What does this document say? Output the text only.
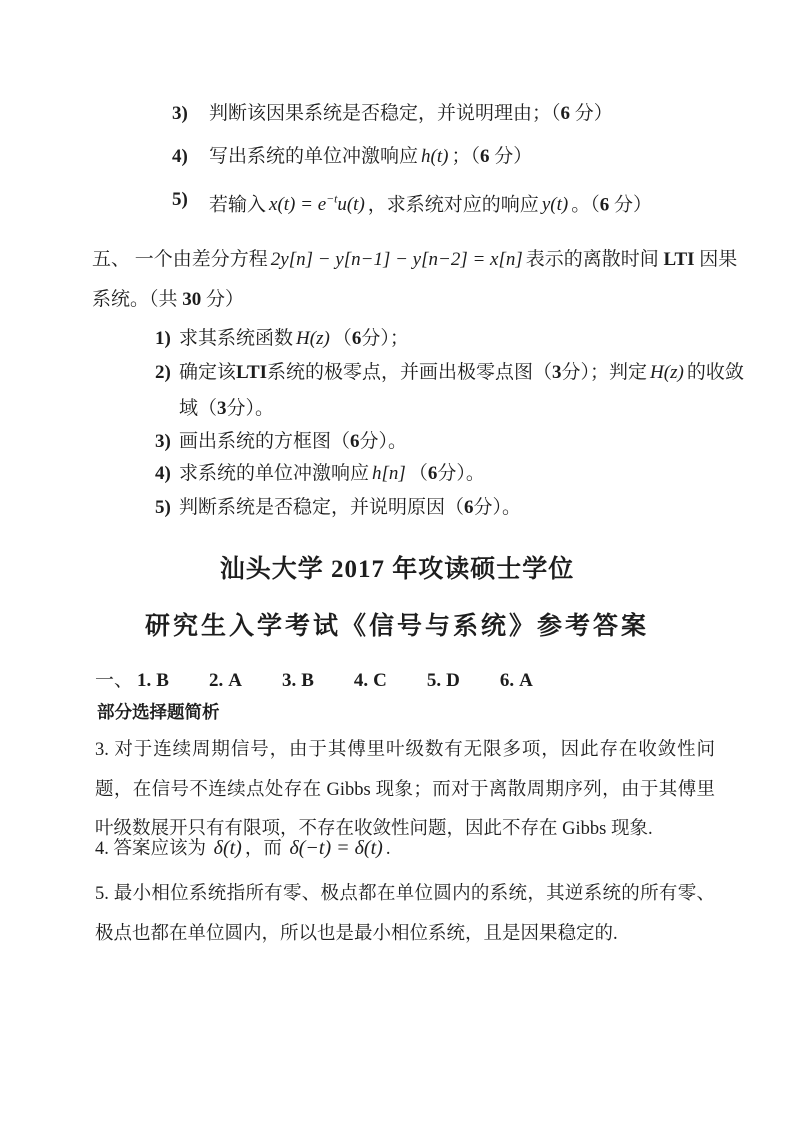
3)	判断该因果系统是否稳定，并说明理由；（6 分）
4)	写出系统的单位冲激响应 h(t) ；（6 分）
5)	若输入 $x(t) = e^{-t}u(t)$ ，求系统对应的响应 y(t) 。（6 分）
五、 一个由差分方程 2y[n] − y[n−1] − y[n−2] = x[n] 表示的离散时间 LTI 因果
系统。（共 30 分）
1) 求其系统函数 H(z) （6分）；
2) 确定该LTI系统的极零点，并画出极零点图（3分）；判定 H(z) 的收敛
域（3分）。
3) 画出系统的方框图（6分）。
4) 求系统的单位冲激响应 h[n] （6分）。
5) 判断系统是否稳定，并说明原因（6分）。
汕头大学 2017 年攻读硕士学位
研究生入学考试《信号与系统》参考答案
一、 1. B 2. A 3. B 4. C 5. D 6. A
部分选择题简析
3. 对于连续周期信号，由于其傅里叶级数有无限多项，因此存在收敛性问题，在信号不连续点处存在 Gibbs 现象；而对于离散周期序列，由于其傅里叶级数展开只有有限项，不存在收敛性问题，因此不存在 Gibbs 现象.
4. 答案应该为 δ(t) ，而 δ(−t) = δ(t) .
5. 最小相位系统指所有零、极点都在单位圆内的系统，其逆系统的所有零、极点也都在单位圆内，所以也是最小相位系统，且是因果稳定的.
